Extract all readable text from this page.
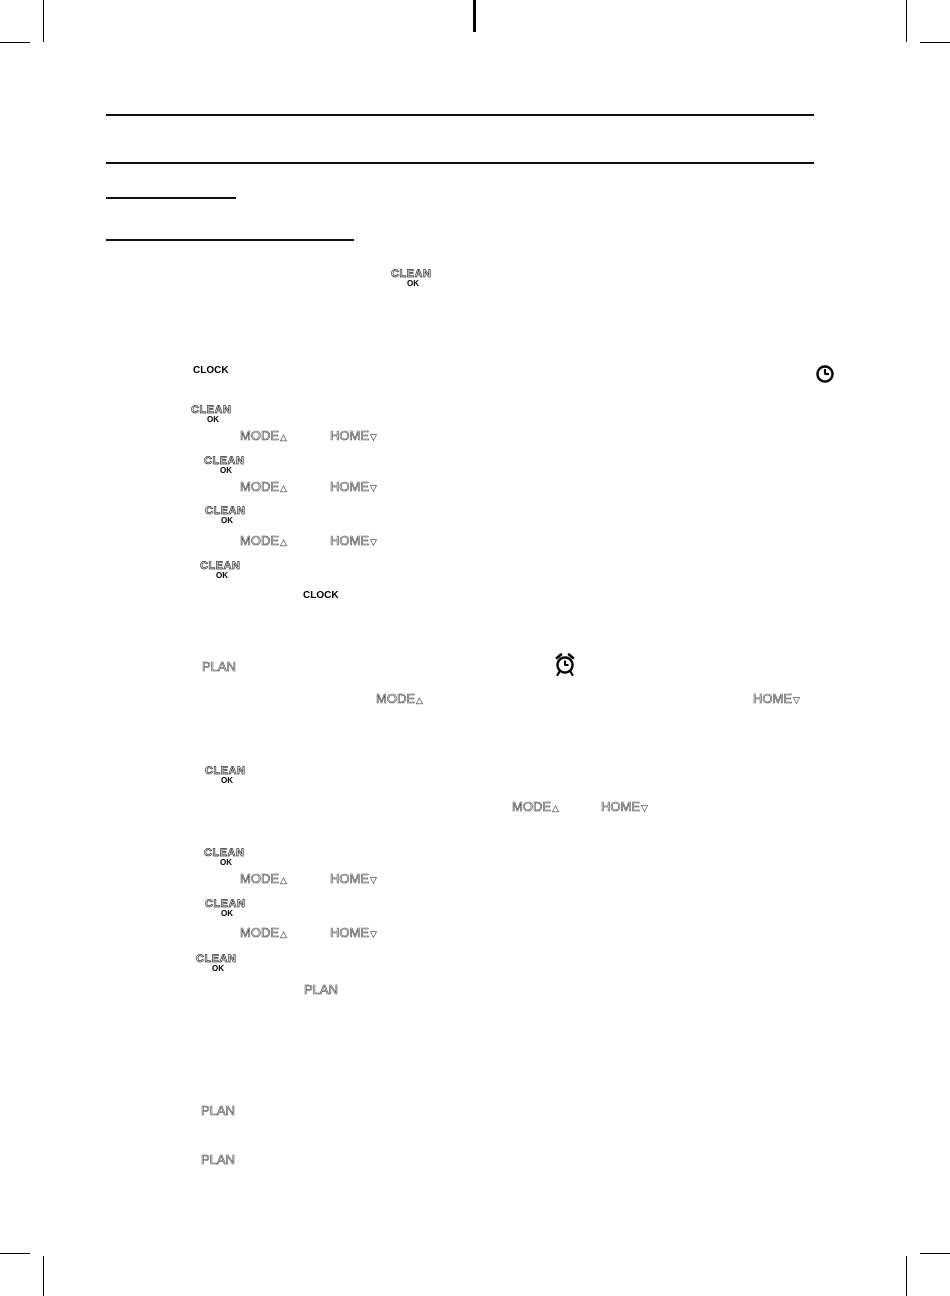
CLEAN
OK
CLOCK
CLEAN
OK
MODE△	HOME▽
CLEAN
OK
MODE△	HOME▽
CLEAN
OK
MODE△	HOME▽
CLEAN
OK
CLOCK
PLAN
MODE△	HOME▽
CLEAN
OK
MODE△	HOME▽
CLEAN
OK
MODE△	HOME▽
CLEAN
OK
MODE△	HOME▽
CLEAN
OK
PLAN
PLAN
PLAN
